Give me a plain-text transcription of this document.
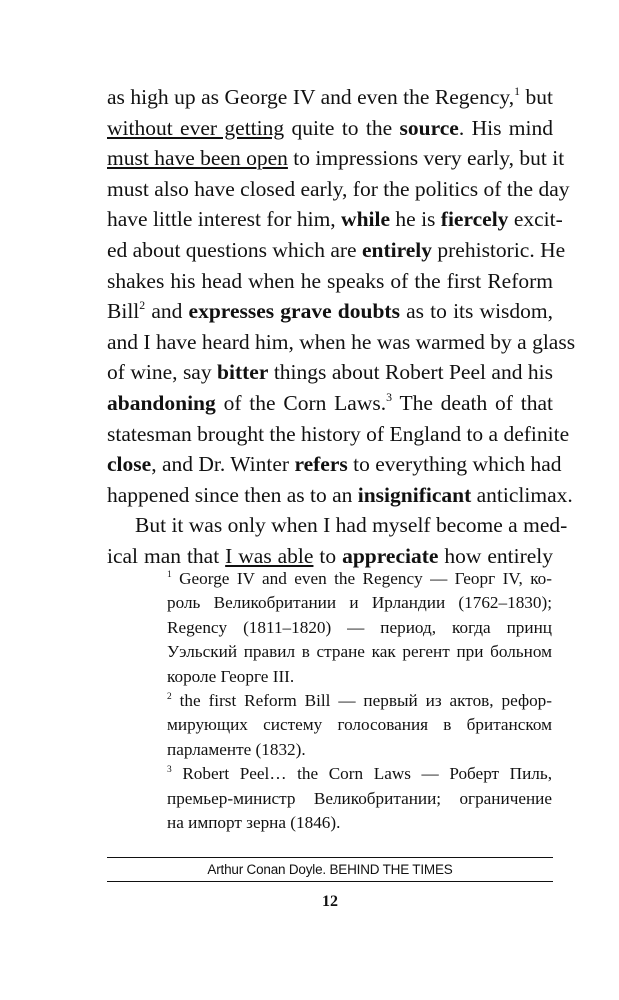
as high up as George IV and even the Regency,$^1$ but
without ever getting quite to the source. His mind
must have been open to impressions very early, but it
must also have closed early, for the politics of the day
have little interest for him, while he is fiercely excit-
ed about questions which are entirely prehistoric. He
shakes his head when he speaks of the first Reform
Bill$^2$ and expresses grave doubts as to its wisdom,
and I have heard him, when he was warmed by a glass
of wine, say bitter things about Robert Peel and his
abandoning of the Corn Laws.$^3$ The death of that
statesman brought the history of England to a definite
close, and Dr. Winter refers to everything which had
happened since then as to an insignificant anticlimax.
But it was only when I had myself become a med-
ical man that I was able to appreciate how entirely
$^1$ George IV and even the Regency — Георг IV, ко-
роль Великобритании и Ирландии (1762–1830);
Regency (1811–1820) — период, когда принц
Уэльский правил в стране как регент при больном
короле Георге III.
$^2$ the first Reform Bill — первый из актов, рефор-
мирующих систему голосования в британском
парламенте (1832).
$^3$ Robert Peel… the Corn Laws — Роберт Пиль,
премьер-министр Великобритании; ограничение
на импорт зерна (1846).
Arthur Conan Doyle. BEHIND THE TIMES
12
